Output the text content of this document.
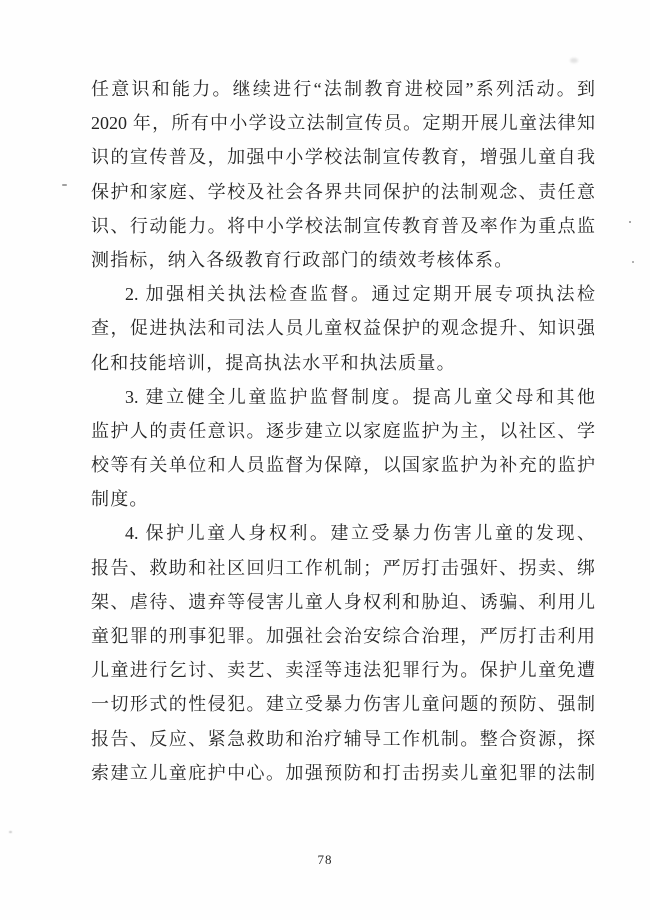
任意识和能力。继续进行“法制教育进校园”系列活动。到
2020 年，所有中小学设立法制宣传员。定期开展儿童法律知
识的宣传普及，加强中小学校法制宣传教育，增强儿童自我
保护和家庭、学校及社会各界共同保护的法制观念、责任意
识、行动能力。将中小学校法制宣传教育普及率作为重点监
测指标，纳入各级教育行政部门的绩效考核体系。
2. 加强相关执法检查监督。通过定期开展专项执法检
查，促进执法和司法人员儿童权益保护的观念提升、知识强
化和技能培训，提高执法水平和执法质量。
3. 建立健全儿童监护监督制度。提高儿童父母和其他
监护人的责任意识。逐步建立以家庭监护为主，以社区、学
校等有关单位和人员监督为保障，以国家监护为补充的监护
制度。
4. 保护儿童人身权利。建立受暴力伤害儿童的发现、
报告、救助和社区回归工作机制；严厉打击强奸、拐卖、绑
架、虐待、遗弃等侵害儿童人身权利和胁迫、诱骗、利用儿
童犯罪的刑事犯罪。加强社会治安综合治理，严厉打击利用
儿童进行乞讨、卖艺、卖淫等违法犯罪行为。保护儿童免遭
一切形式的性侵犯。建立受暴力伤害儿童问题的预防、强制
报告、反应、紧急救助和治疗辅导工作机制。整合资源，探
索建立儿童庇护中心。加强预防和打击拐卖儿童犯罪的法制
78
